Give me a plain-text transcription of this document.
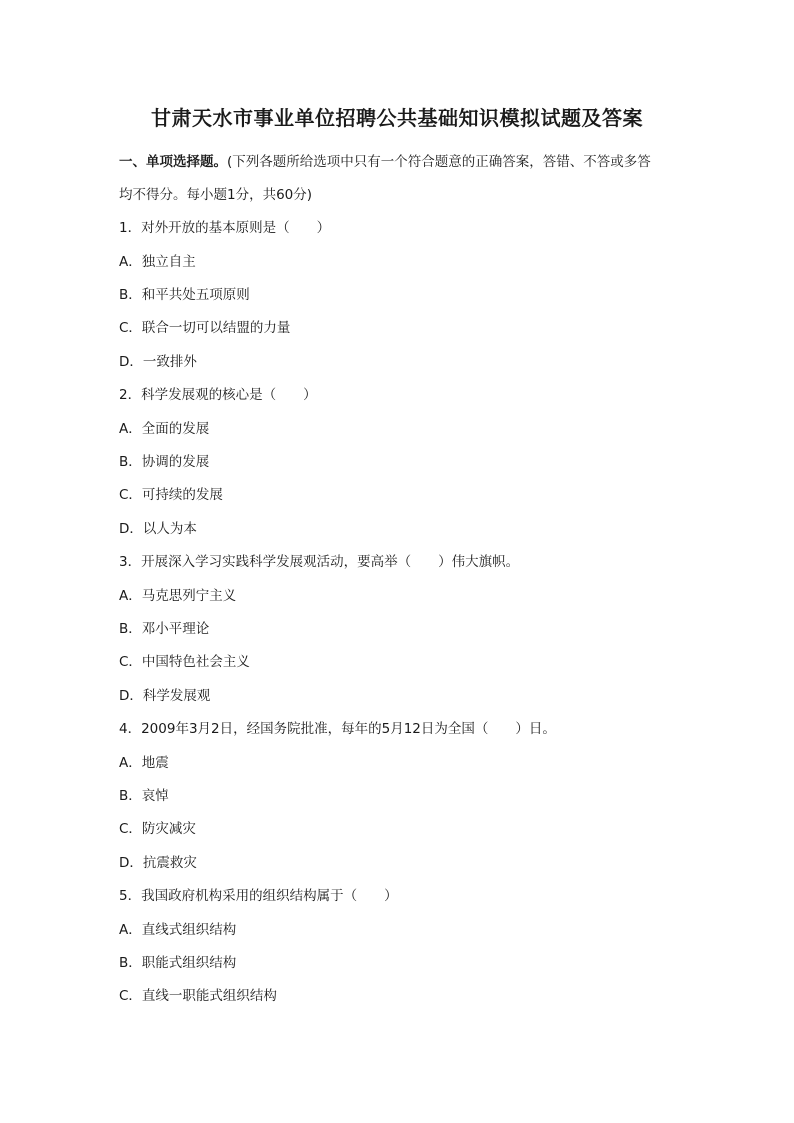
甘肃天水市事业单位招聘公共基础知识模拟试题及答案
一、单项选择题。(下列各题所给选项中只有一个符合题意的正确答案，答错、不答或多答
均不得分。每小题1分，共60分)
1．对外开放的基本原则是（　　）
A．独立自主
B．和平共处五项原则
C．联合一切可以结盟的力量
D．一致排外
2．科学发展观的核心是（　　）
A．全面的发展
B．协调的发展
C．可持续的发展
D．以人为本
3．开展深入学习实践科学发展观活动，要高举（　　）伟大旗帜。
A．马克思列宁主义
B．邓小平理论
C．中国特色社会主义
D．科学发展观
4．2009年3月2日，经国务院批准，每年的5月12日为全国（　　）日。
A．地震
B．哀悼
C．防灾减灾
D．抗震救灾
5．我国政府机构采用的组织结构属于（　　）
A．直线式组织结构
B．职能式组织结构
C．直线一职能式组织结构
